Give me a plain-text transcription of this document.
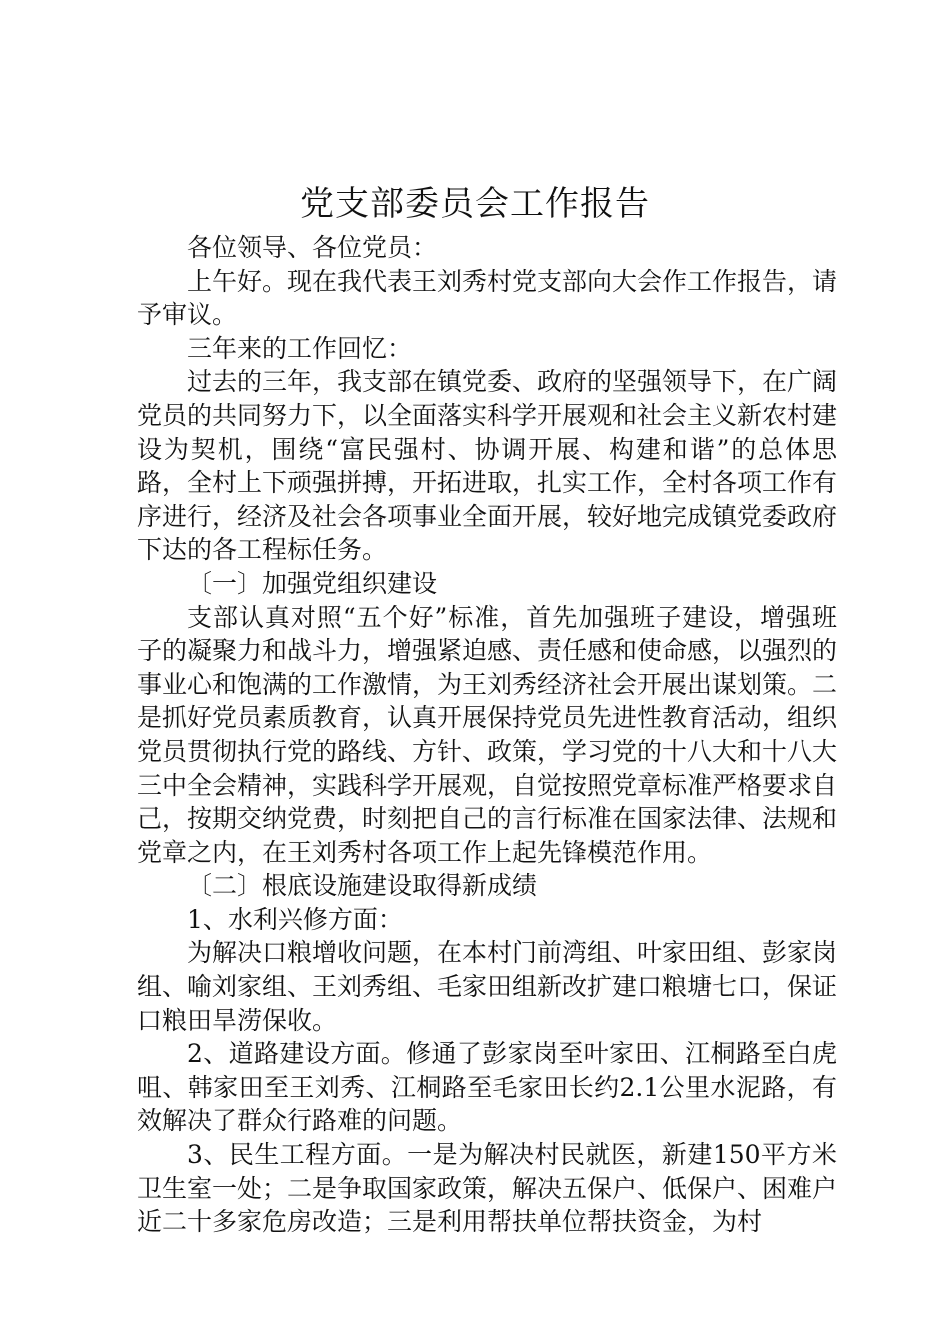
党支部委员会工作报告

各位领导、各位党员：

上午好。现在我代表王刘秀村党支部向大会作工作报告，请予审议。

三年来的工作回忆：

过去的三年，我支部在镇党委、政府的坚强领导下，在广阔党员的共同努力下，以全面落实科学开展观和社会主义新农村建设为契机，围绕“富民强村、协调开展、构建和谐”的总体思路，全村上下顽强拼搏，开拓进取，扎实工作，全村各项工作有序进行，经济及社会各项事业全面开展，较好地完成镇党委政府下达的各工程标任务。

〔一〕加强党组织建设

支部认真对照“五个好”标准，首先加强班子建设，增强班子的凝聚力和战斗力，增强紧迫感、责任感和使命感，以强烈的事业心和饱满的工作激情，为王刘秀经济社会开展出谋划策。二是抓好党员素质教育，认真开展保持党员先进性教育活动，组织党员贯彻执行党的路线、方针、政策，学习党的十八大和十八大三中全会精神，实践科学开展观，自觉按照党章标准严格要求自己，按期交纳党费，时刻把自己的言行标准在国家法律、法规和党章之内，在王刘秀村各项工作上起先锋模范作用。

〔二〕根底设施建设取得新成绩

1、水利兴修方面：

为解决口粮增收问题，在本村门前湾组、叶家田组、彭家岗组、喻刘家组、王刘秀组、毛家田组新改扩建口粮塘七口，保证口粮田旱涝保收。

2、道路建设方面。修通了彭家岗至叶家田、江桐路至白虎咀、韩家田至王刘秀、江桐路至毛家田长约2.1公里水泥路，有效解决了群众行路难的问题。

3、民生工程方面。一是为解决村民就医，新建150平方米卫生室一处；二是争取国家政策，解决五保户、低保户、困难户近二十多家危房改造；三是利用帮扶单位帮扶资金，为村
